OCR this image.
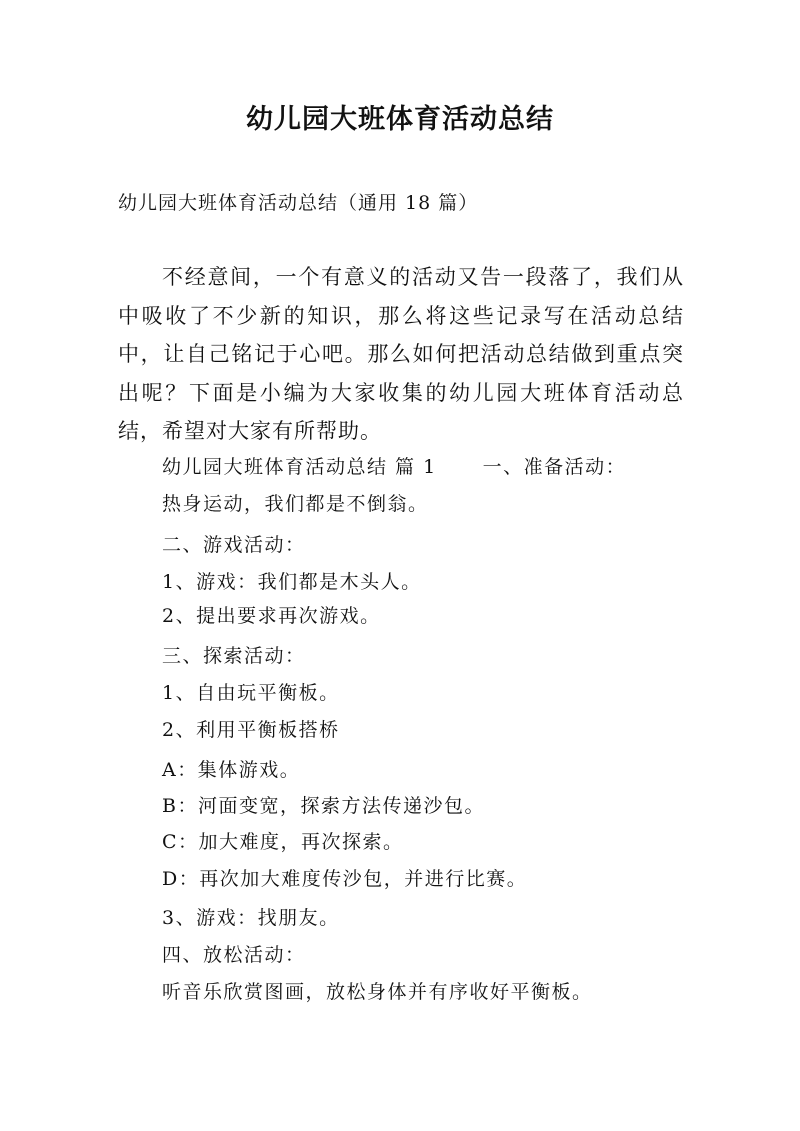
幼儿园大班体育活动总结
幼儿园大班体育活动总结（通用 18 篇）
不经意间，一个有意义的活动又告一段落了，我们从中吸收了不少新的知识，那么将这些记录写在活动总结中，让自己铭记于心吧。那么如何把活动总结做到重点突出呢？下面是小编为大家收集的幼儿园大班体育活动总结，希望对大家有所帮助。
幼儿园大班体育活动总结 篇 1 一、准备活动：
热身运动，我们都是不倒翁。
二、游戏活动：
1、游戏：我们都是木头人。
2、提出要求再次游戏。
三、探索活动：
1、自由玩平衡板。
2、利用平衡板搭桥
A：集体游戏。
B：河面变宽，探索方法传递沙包。
C：加大难度，再次探索。
D：再次加大难度传沙包，并进行比赛。
3、游戏：找朋友。
四、放松活动：
听音乐欣赏图画，放松身体并有序收好平衡板。
